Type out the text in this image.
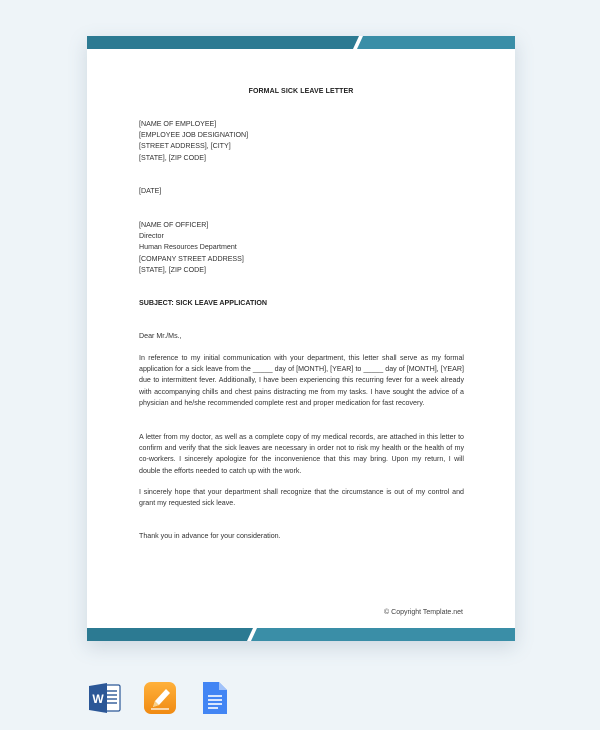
FORMAL SICK LEAVE LETTER
[NAME OF EMPLOYEE]
[EMPLOYEE JOB DESIGNATION]
[STREET ADDRESS], [CITY]
[STATE], [ZIP CODE]
[DATE]
[NAME OF OFFICER]
Director
Human Resources Department
[COMPANY STREET ADDRESS]
[STATE], [ZIP CODE]
SUBJECT: SICK LEAVE APPLICATION
Dear Mr./Ms.,
In reference to my initial communication with your department, this letter shall serve as my formal application for a sick leave from the _____ day of [MONTH], [YEAR] to _____ day of [MONTH], [YEAR] due to intermittent fever. Additionally, I have been experiencing this recurring fever for a week already with accompanying chills and chest pains distracting me from my tasks. I have sought the advice of a physician and he/she recommended complete rest and proper medication for fast recovery.
A letter from my doctor, as well as a complete copy of my medical records, are attached in this letter to confirm and verify that the sick leaves are necessary in order not to risk my health or the health of my co-workers. I sincerely apologize for the inconvenience that this may bring. Upon my return, I will double the efforts needed to catch up with the work.
I sincerely hope that your department shall recognize that the circumstance is out of my control and grant my requested sick leave.
Thank you in advance for your consideration.
© Copyright Template.net
W
